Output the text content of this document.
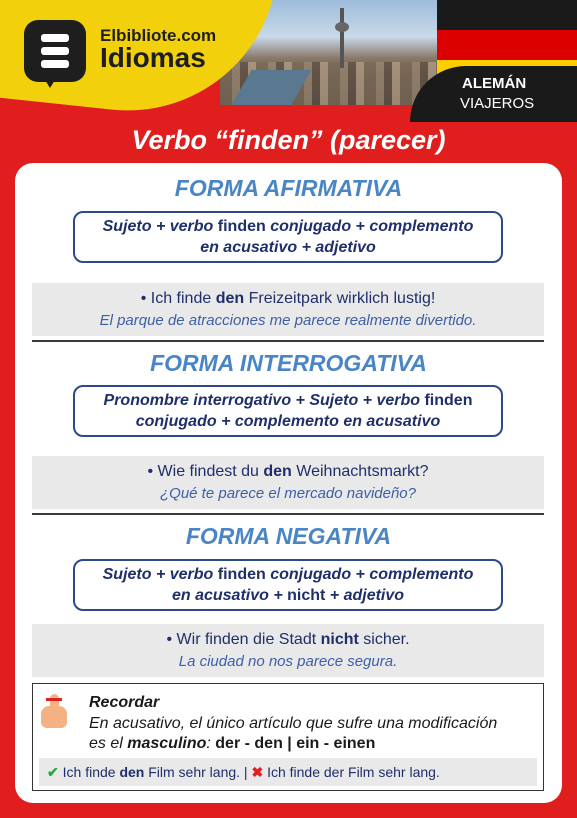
Elbibliote.com
Idiomas
ALEMÁN
VIAJEROS
Verbo “finden” (parecer)
FORMA AFIRMATIVA
Sujeto + verbo finden conjugado + complemento
en acusativo + adjetivo
• Ich finde den Freizeitpark wirklich lustig!
El parque de atracciones me parece realmente divertido.
FORMA INTERROGATIVA
Pronombre interrogativo + Sujeto + verbo finden
conjugado + complemento en acusativo
• Wie findest du den Weihnachtsmarkt?
¿Qué te parece el mercado navideño?
FORMA NEGATIVA
Sujeto + verbo finden conjugado + complemento
en acusativo + nicht + adjetivo
• Wir finden die Stadt nicht sicher.
La ciudad no nos parece segura.
Recordar
En acusativo, el único artículo que sufre una modificación
es el masculino: der - den | ein - einen
✔ Ich finde den Film sehr lang. | ✖ Ich finde der Film sehr lang.
